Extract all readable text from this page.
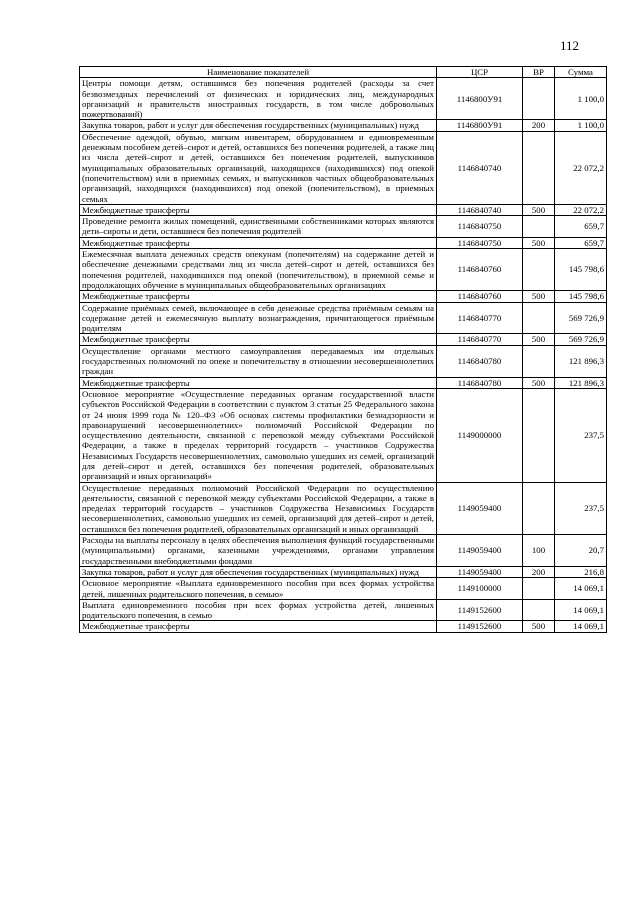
112
Наименование показателей	ЦСР	ВР	Сумма
Центры помощи детям, оставшимся без попечения родителей (расходы за счет безвозмездных перечислений от физических и юридических лиц, международных организаций и правительств иностранных государств, в том числе добровольных пожертвований)	1146800У91		1 100,0
Закупка товаров, работ и услуг для обеспечения государственных (муниципальных) нужд	1146800У91	200	1 100,0
Обеспечение одеждой, обувью, мягким инвентарем, оборудованием и единовременным денежным пособием детей–сирот и детей, оставшихся без попечения родителей, а также лиц из числа детей–сирот и детей, оставшихся без попечения родителей, выпускников муниципальных образовательных организаций, находящихся (находившихся) под опекой (попечительством) или в приемных семьях, и выпускников частных общеобразовательных организаций, находящихся (находившихся) под опекой (попечительством), в приемных семьях	1146840740		22 072,2
Межбюджетные трансферты	1146840740	500	22 072,2
Проведение ремонта жилых помещений, единственными собственниками которых являются дети–сироты и дети, оставшиеся без попечения родителей	1146840750		659,7
Межбюджетные трансферты	1146840750	500	659,7
Ежемесячная выплата денежных средств опекунам (попечителям) на содержание детей и обеспечение денежными средствами лиц из числа детей–сирот и детей, оставшихся без попечения родителей, находившихся под опекой (попечительством), в приемной семье и продолжающих обучение в муниципальных общеобразовательных организациях	1146840760		145 798,6
Межбюджетные трансферты	1146840760	500	145 798,6
Содержание приёмных семей, включающее в себя денежные средства приёмным семьям на содержание детей и ежемесячную выплату вознаграждения, причитающегося приёмным родителям	1146840770		569 726,9
Межбюджетные трансферты	1146840770	500	569 726,9
Осуществление органами местного самоуправления передаваемых им отдельных государственных полномочий по опеке и попечительству в отношении несовершеннолетних граждан	1146840780		121 896,3
Межбюджетные трансферты	1146840780	500	121 896,3
Основное мероприятие «Осуществление переданных органам государственной власти субъектов Российской Федерации в соответствии с пунктом 3 статьи 25 Федерального закона от 24 июня 1999 года № 120–ФЗ «Об основах системы профилактики безнадзорности и правонарушений несовершеннолетних» полномочий Российской Федерации по осуществлению деятельности, связанной с перевозкой между субъектами Российской Федерации, а также в пределах территорий государств – участников Содружества Независимых Государств несовершеннолетних, самовольно ушедших из семей, организаций для детей–сирот и детей, оставшихся без попечения родителей, образовательных организаций и иных организаций»	1149000000		237,5
Осуществление переданных полномочий Российской Федерации по осуществлению деятельности, связанной с перевозкой между субъектами Российской Федерации, а также в пределах территорий государств – участников Содружества Независимых Государств несовершеннолетних, самовольно ушедших из семей, организаций для детей–сирот и детей, оставшихся без попечения родителей, образовательных организаций и иных организаций	1149059400		237,5
Расходы на выплаты персоналу в целях обеспечения выполнения функций государственными (муниципальными) органами, казенными учреждениями, органами управления государственными внебюджетными фондами	1149059400	100	20,7
Закупка товаров, работ и услуг для обеспечения государственных (муниципальных) нужд	1149059400	200	216,8
Основное мероприятие «Выплата единовременного пособия при всех формах устройства детей, лишенных родительского попечения, в семью»	1149100000		14 069,1
Выплата единовременного пособия при всех формах устройства детей, лишенных родительского попечения, в семью	1149152600		14 069,1
Межбюджетные трансферты	1149152600	500	14 069,1
